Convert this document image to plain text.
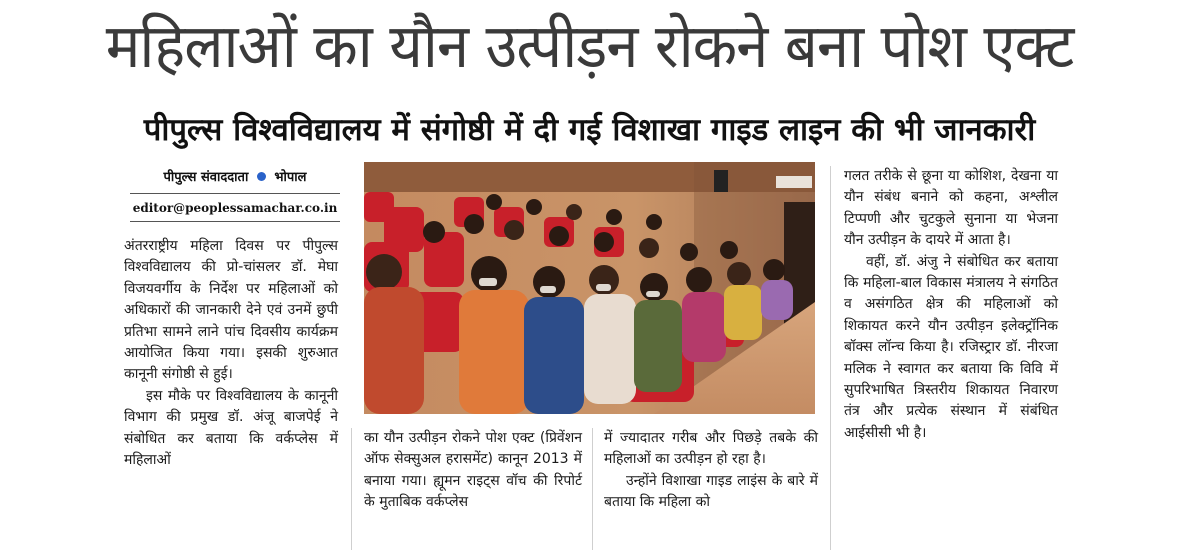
महिलाओं का यौन उत्पीड़न रोकने बना पोश एक्ट
पीपुल्स विश्वविद्यालय में संगोष्ठी में दी गई विशाखा गाइड लाइन की भी जानकारी
पीपुल्स संवाददाता भोपाल
editor@peoplessamachar.co.in

अंतरराष्ट्रीय महिला दिवस पर पीपुल्स विश्वविद्यालय की प्रो-चांसलर डॉ. मेघा विजयवर्गीय के निर्देश पर महिलाओं को अधिकारों की जानकारी देने एवं उनमें छुपी प्रतिभा सामने लाने पांच दिवसीय कार्यक्रम आयोजित किया गया। इसकी शुरुआत कानूनी संगोष्ठी से हुई।

इस मौके पर विश्वविद्यालय के कानूनी विभाग की प्रमुख डॉ. अंजू बाजपेई ने संबोधित कर बताया कि वर्कप्लेस में महिलाओं

का यौन उत्पीड़न रोकने पोश एक्ट (प्रिवेंशन ऑफ सेक्सुअल हरासमेंट) कानून 2013 में बनाया गया। ह्यूमन राइट्स वॉच की रिपोर्ट के मुताबिक वर्कप्लेस

में ज्यादातर गरीब और पिछड़े तबके की महिलाओं का उत्पीड़न हो रहा है।

उन्होंने विशाखा गाइड लाइंस के बारे में बताया कि महिला को

गलत तरीके से छूना या कोशिश, देखना या यौन संबंध बनाने को कहना, अश्लील टिप्पणी और चुटकुले सुनाना या भेजना यौन उत्पीड़न के दायरे में आता है।

वहीं, डॉ. अंजु ने संबोधित कर बताया कि महिला-बाल विकास मंत्रालय ने संगठित व असंगठित क्षेत्र की महिलाओं को शिकायत करने यौन उत्पीड़न इलेक्ट्रॉनिक बॉक्स लॉन्च किया है। रजिस्ट्रार डॉ. नीरजा मलिक ने स्वागत कर बताया कि विवि में सुपरिभाषित त्रिस्तरीय शिकायत निवारण तंत्र और प्रत्येक संस्थान में संबंधित आईसीसी भी है।
